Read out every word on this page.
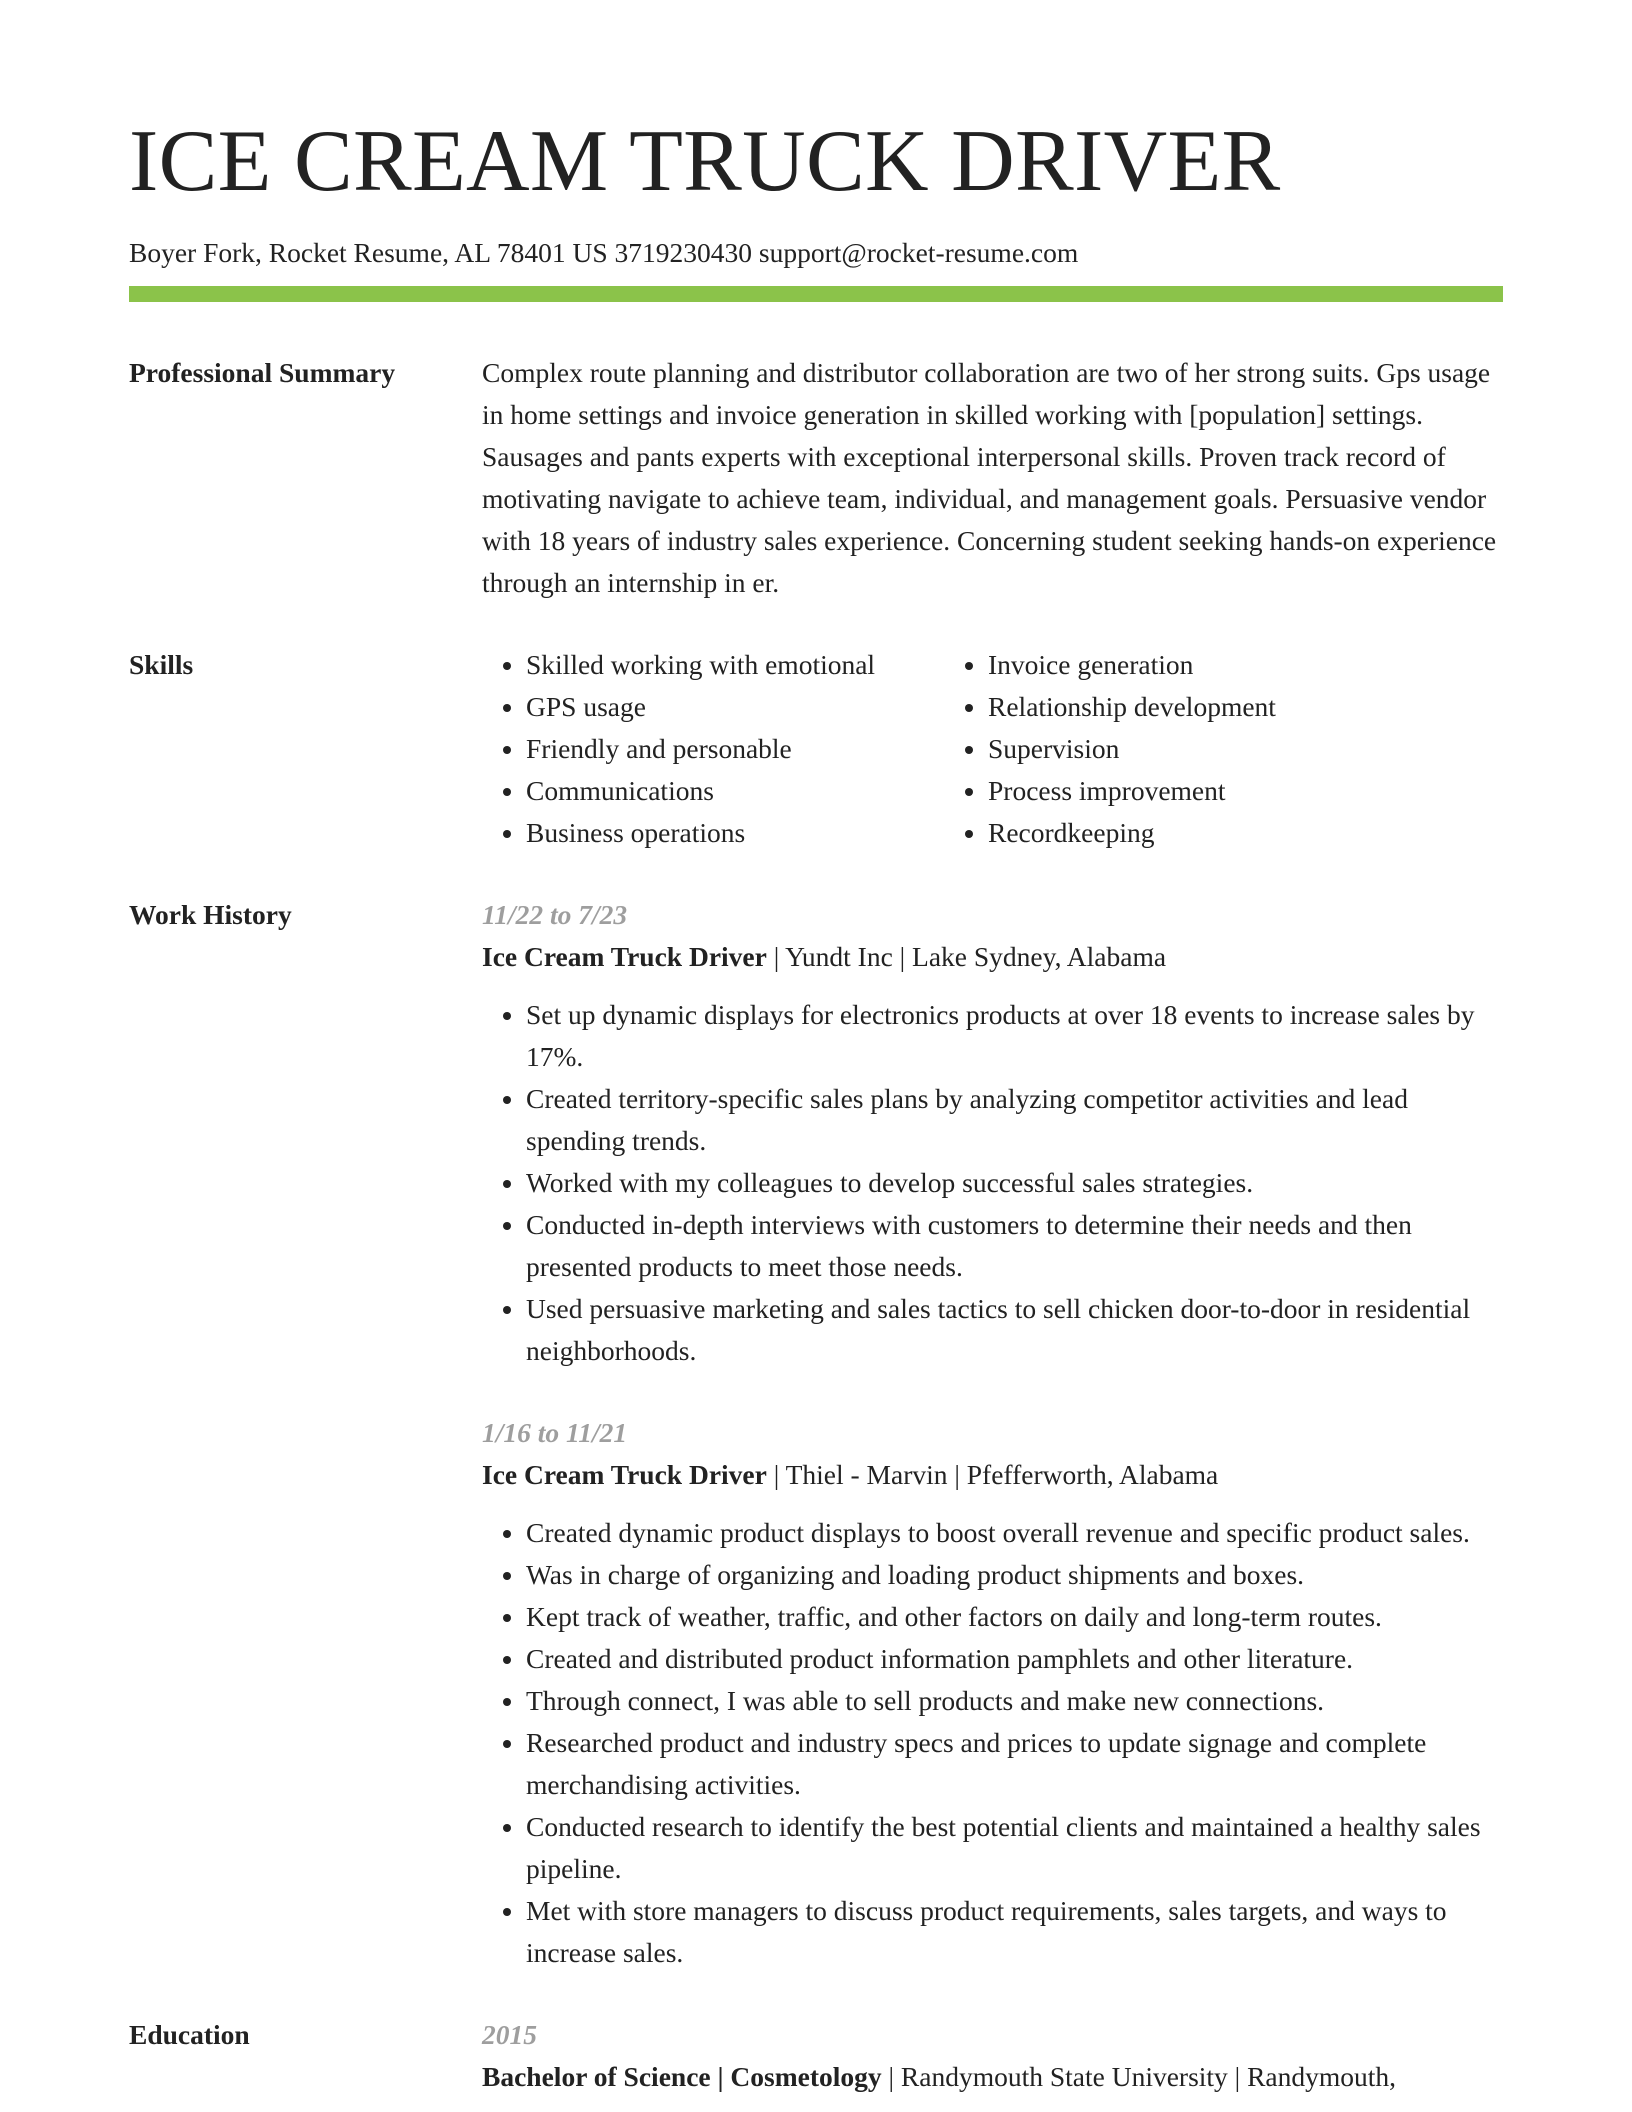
ICE CREAM TRUCK DRIVER
Boyer Fork, Rocket Resume, AL 78401 US 3719230430 support@rocket-resume.com
Professional Summary	Complex route planning and distributor collaboration are two of her strong suits. Gps usage in home settings and invoice generation in skilled working with [population] settings. Sausages and pants experts with exceptional interpersonal skills. Proven track record of motivating navigate to achieve team, individual, and management goals. Persuasive vendor with 18 years of industry sales experience. Concerning student seeking hands-on experience through an internship in er.

Skills
•	Skilled working with emotional
• GPS usage
• Friendly and personable
• Communications
• Business operations
• Invoice generation
• Relationship development
• Supervision
• Process improvement
• Recordkeeping
Work History	11/22 to 7/23
Ice Cream Truck Driver | Yundt Inc | Lake Sydney, Alabama
• Set up dynamic displays for electronics products at over 18 events to increase sales by 17%.
• Created territory-specific sales plans by analyzing competitor activities and lead spending trends.
• Worked with my colleagues to develop successful sales strategies.
• Conducted in-depth interviews with customers to determine their needs and then presented products to meet those needs.
• Used persuasive marketing and sales tactics to sell chicken door-to-door in residential neighborhoods.
1/16 to 11/21
Ice Cream Truck Driver | Thiel - Marvin | Pfefferworth, Alabama
• Created dynamic product displays to boost overall revenue and specific product sales.
• Was in charge of organizing and loading product shipments and boxes.
• Kept track of weather, traffic, and other factors on daily and long-term routes.
• Created and distributed product information pamphlets and other literature.
• Through connect, I was able to sell products and make new connections.
• Researched product and industry specs and prices to update signage and complete merchandising activities.
• Conducted research to identify the best potential clients and maintained a healthy sales pipeline.
• Met with store managers to discuss product requirements, sales targets, and ways to increase sales.
Education	2015
Bachelor of Science | Cosmetology | Randymouth State University | Randymouth,
